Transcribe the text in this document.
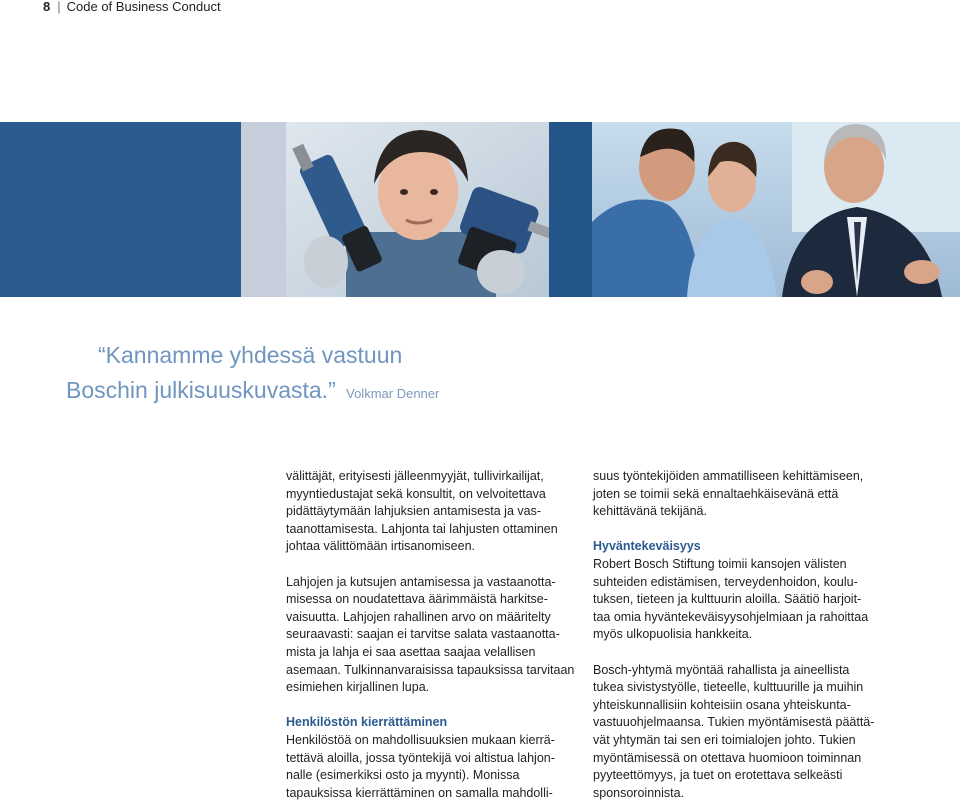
8 | Code of Business Conduct
“Kannamme yhdessä vastuun
Boschin julkisuuskuvasta.” Volkmar Denner

välittäjät, erityisesti jälleenmyyjät, tullivirkailijat,
myyntiedustajat sekä konsultit, on velvoitettava
pidättäytymään lahjuksien antamisesta ja vas-
taanottamisesta. Lahjonta tai lahjusten ottaminen
johtaa välittömään irtisanomiseen.

Lahjojen ja kutsujen antamisessa ja vastaanotta-
misessa on noudatettava äärimmäistä harkitse-
vaisuutta. Lahjojen rahallinen arvo on määritelty
seuraavasti: saajan ei tarvitse salata vastaanotta-
mista ja lahja ei saa asettaa saajaa velallisen
asemaan. Tulkinnanvaraisissa tapauksissa tarvitaan
esimiehen kirjallinen lupa.

Henkilöstön kierrättäminen

Henkilöstöä on mahdollisuuksien mukaan kierrä-
tettävä aloilla, jossa työntekijä voi altistua lahjon-
nalle (esimerkiksi osto ja myynti). Monissa
tapauksissa kierrättäminen on samalla mahdolli-

suus työntekijöiden ammatilliseen kehittämiseen,
joten se toimii sekä ennaltaehkäisevänä että
kehittävänä tekijänä.

Hyväntekeväisyys

Robert Bosch Stiftung toimii kansojen välisten
suhteiden edistämisen, terveydenhoidon, koulu-
tuksen, tieteen ja kulttuurin aloilla. Säätiö harjoit-
taa omia hyväntekeväisyysohjelmiaan ja rahoittaa
myös ulkopuolisia hankkeita.

Bosch-yhtymä myöntää rahallista ja aineellista
tukea sivistystyölle, tieteelle, kulttuurille ja muihin
yhteiskunnallisiin kohteisiin osana yhteiskunta-
vastuuohjelmaansa. Tukien myöntämisestä päättä-
vät yhtymän tai sen eri toimialojen johto. Tukien
myöntämisessä on otettava huomioon toiminnan
pyyteettömyys, ja tuet on erotettava selkeästi
sponsoroinnista.
